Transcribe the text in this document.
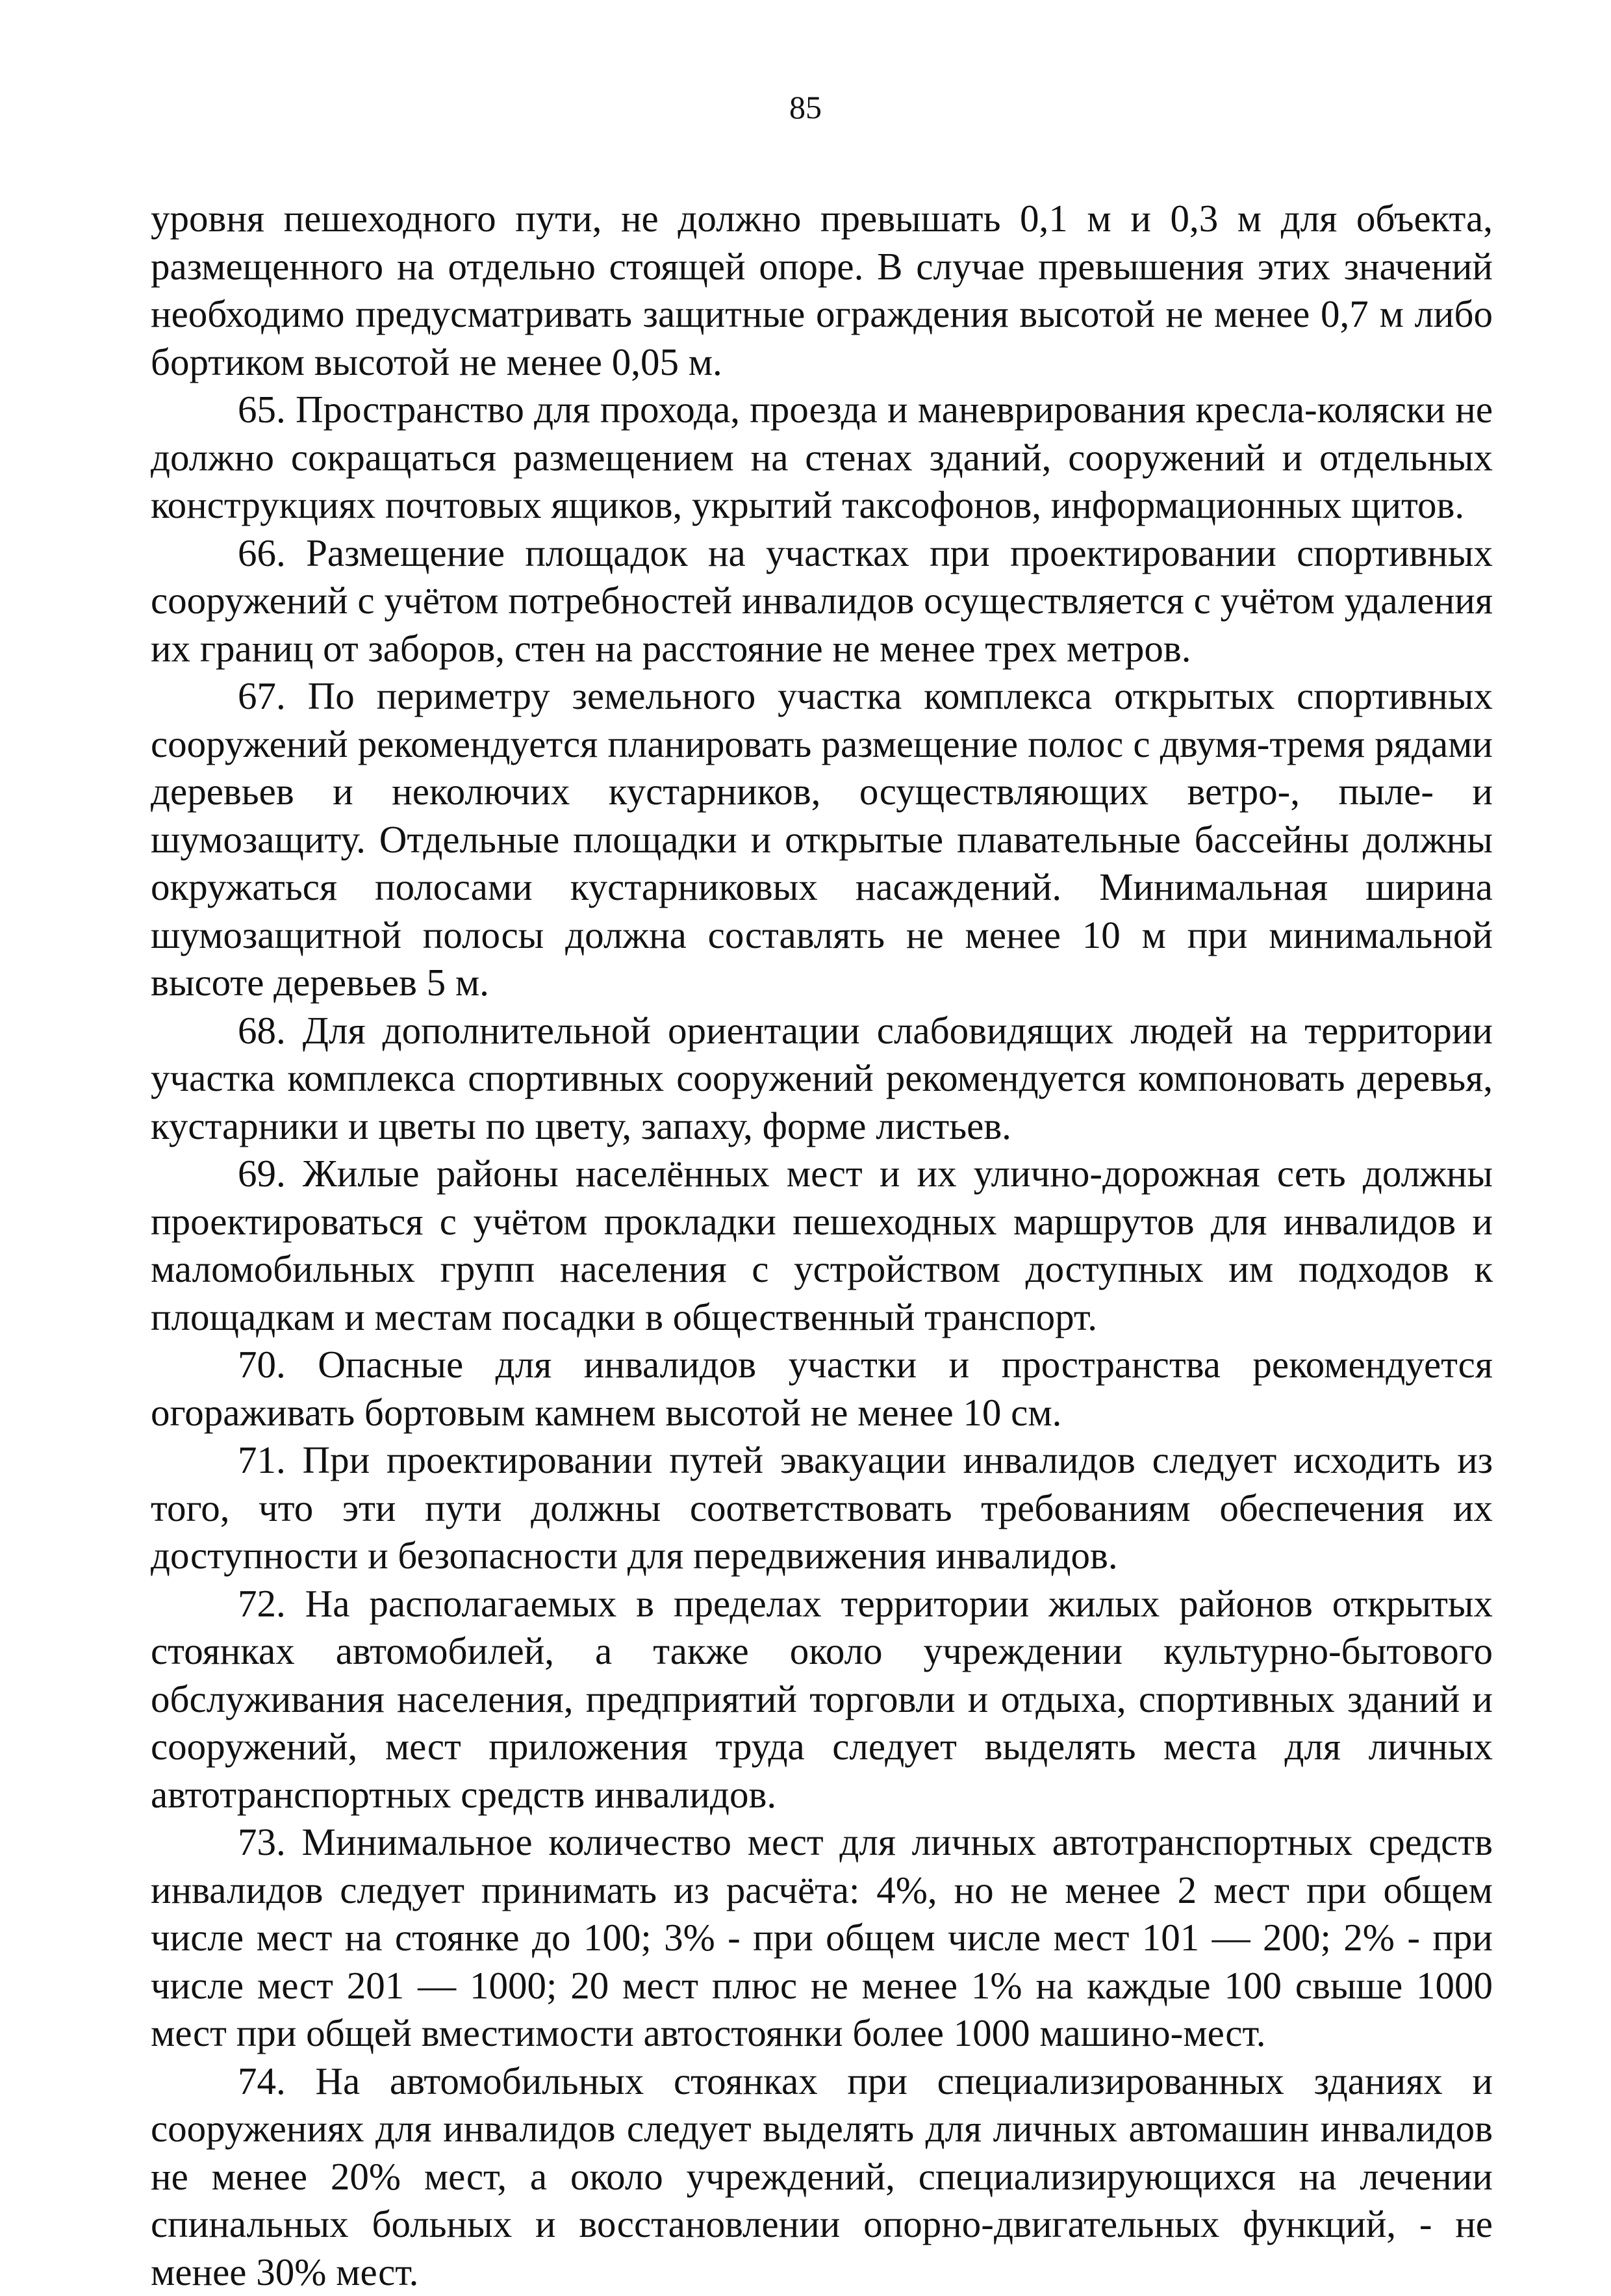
85

уровня пешеходного пути, не должно превышать 0,1 м и 0,3 м для объекта, размещенного на отдельно стоящей опоре. В случае превышения этих значений необходимо предусматривать защитные ограждения высотой не менее 0,7 м либо бортиком высотой не менее 0,05 м.

65. Пространство для прохода, проезда и маневрирования кресла-коляски не должно сокращаться размещением на стенах зданий, сооружений и отдельных конструкциях почтовых ящиков, укрытий таксофонов, информационных щитов.

66. Размещение площадок на участках при проектировании спортивных сооружений с учётом потребностей инвалидов осуществляется с учётом удаления их границ от заборов, стен на расстояние не менее трех метров.

67. По периметру земельного участка комплекса открытых спортивных сооружений рекомендуется планировать размещение полос с двумя-тремя рядами деревьев и неколючих кустарников, осуществляющих ветро-, пыле- и шумозащиту. Отдельные площадки и открытые плавательные бассейны должны окружаться полосами кустарниковых насаждений. Минимальная ширина шумозащитной полосы должна составлять не менее 10 м при минимальной высоте деревьев 5 м.

68. Для дополнительной ориентации слабовидящих людей на территории участка комплекса спортивных сооружений рекомендуется компоновать деревья, кустарники и цветы по цвету, запаху, форме листьев.

69. Жилые районы населённых мест и их улично-дорожная сеть должны проектироваться с учётом прокладки пешеходных маршрутов для инвалидов и маломобильных групп населения с устройством доступных им подходов к площадкам и местам посадки в общественный транспорт.

70. Опасные для инвалидов участки и пространства рекомендуется огораживать бортовым камнем высотой не менее 10 см.

71. При проектировании путей эвакуации инвалидов следует исходить из того, что эти пути должны соответствовать требованиям обеспечения их доступности и безопасности для передвижения инвалидов.

72. На располагаемых в пределах территории жилых районов открытых стоянках автомобилей, а также около учреждении культурно-бытового обслуживания населения, предприятий торговли и отдыха, спортивных зданий и сооружений, мест приложения труда следует выделять места для личных автотранспортных средств инвалидов.

73. Минимальное количество мест для личных автотранспортных средств инвалидов следует принимать из расчёта: 4%, но не менее 2 мест при общем числе мест на стоянке до 100; 3% - при общем числе мест 101 — 200; 2% - при числе мест 201 — 1000; 20 мест плюс не менее 1% на каждые 100 свыше 1000 мест при общей вместимости автостоянки более 1000 машино-мест.

74. На автомобильных стоянках при специализированных зданиях и сооружениях для инвалидов следует выделять для личных автомашин инвалидов не менее 20% мест, а около учреждений, специализирующихся на лечении спинальных больных и восстановлении опорно-двигательных функций, - не менее 30% мест.
